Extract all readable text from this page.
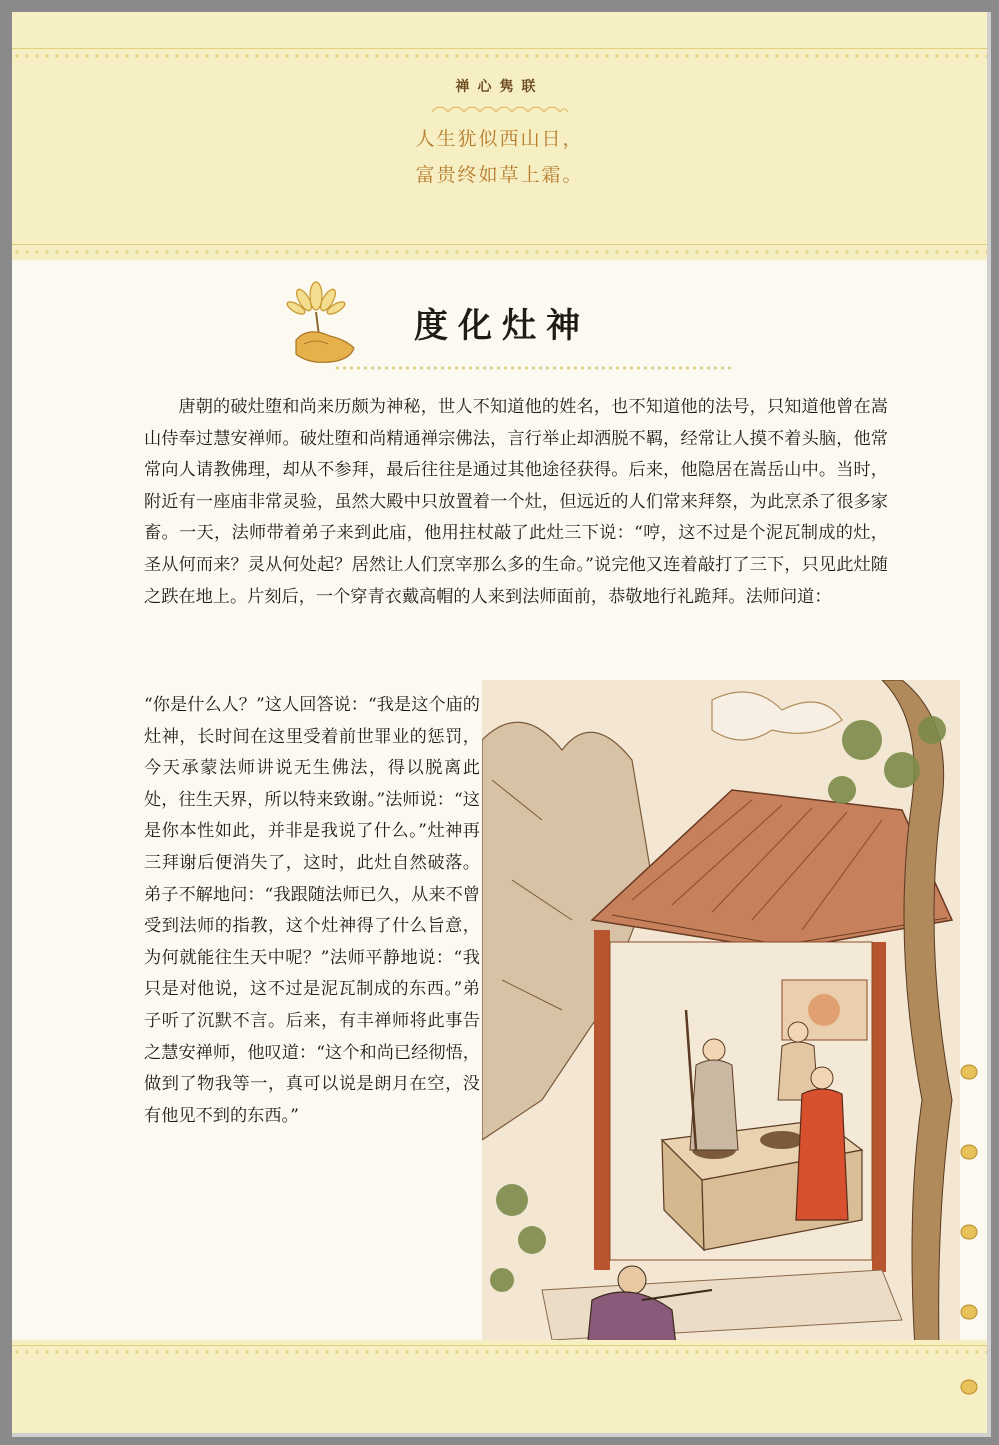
禅心隽联
人生犹似西山日，
富贵终如草上霜。
度化灶神

唐朝的破灶堕和尚来历颇为神秘，世人不知道他的姓名，也不知道他的法号，只知道他曾在嵩山侍奉过慧安禅师。破灶堕和尚精通禅宗佛法，言行举止却洒脱不羁，经常让人摸不着头脑，他常常向人请教佛理，却从不参拜，最后往往是通过其他途径获得。后来，他隐居在嵩岳山中。当时，附近有一座庙非常灵验，虽然大殿中只放置着一个灶，但远近的人们常来拜祭，为此烹杀了很多家畜。一天，法师带着弟子来到此庙，他用拄杖敲了此灶三下说：“哼，这不过是个泥瓦制成的灶，圣从何而来？灵从何处起？居然让人们烹宰那么多的生命。”说完他又连着敲打了三下，只见此灶随之跌在地上。片刻后，一个穿青衣戴高帽的人来到法师面前，恭敬地行礼跪拜。法师问道：

“你是什么人？”这人回答说：“我是这个庙的灶神，长时间在这里受着前世罪业的惩罚，今天承蒙法师讲说无生佛法，得以脱离此处，往生天界，所以特来致谢。”法师说：“这是你本性如此，并非是我说了什么。”灶神再三拜谢后便消失了，这时，此灶自然破落。弟子不解地问：“我跟随法师已久，从来不曾受到法师的指教，这个灶神得了什么旨意，为何就能往生天中呢？”法师平静地说：“我只是对他说，这不过是泥瓦制成的东西。”弟子听了沉默不言。后来，有丰禅师将此事告之慧安禅师，他叹道：“这个和尚已经彻悟，做到了物我等一，真可以说是朗月在空，没有他见不到的东西。”
